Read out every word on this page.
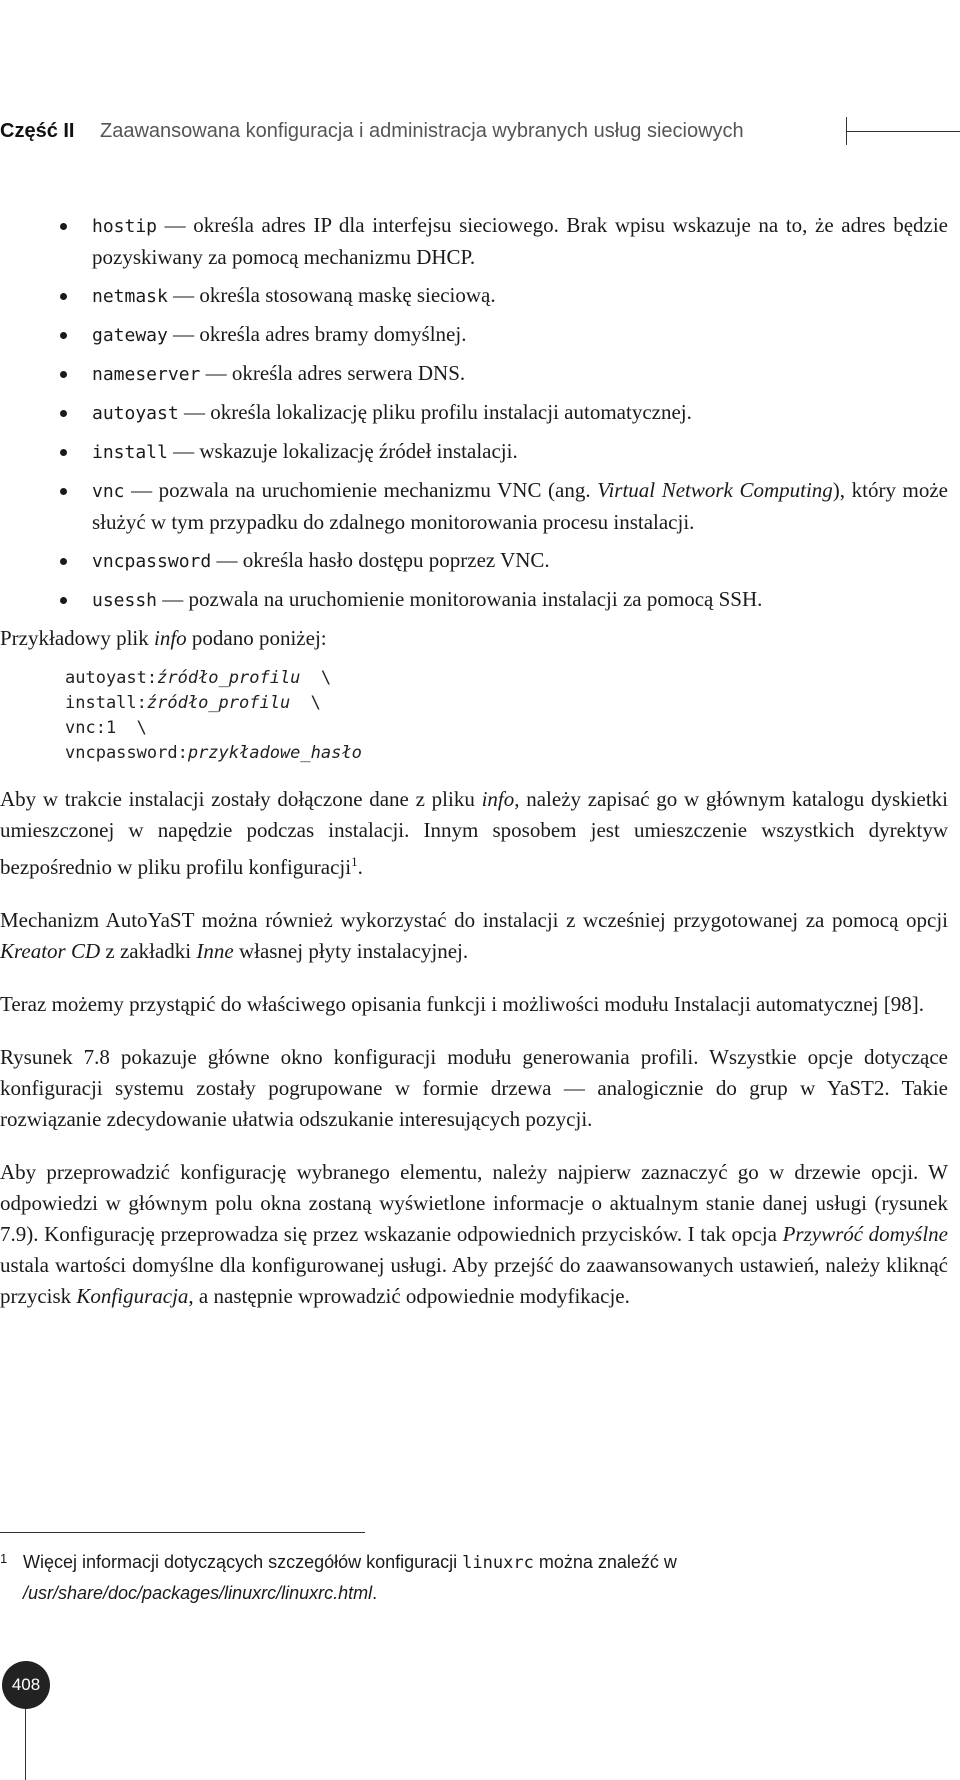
Część II Zaawansowana konfiguracja i administracja wybranych usług sieciowych
hostip — określa adres IP dla interfejsu sieciowego. Brak wpisu wskazuje na to, że adres będzie pozyskiwany za pomocą mechanizmu DHCP.
netmask — określa stosowaną maskę sieciową.
gateway — określa adres bramy domyślnej.
nameserver — określa adres serwera DNS.
autoyast — określa lokalizację pliku profilu instalacji automatycznej.
install — wskazuje lokalizację źródeł instalacji.
vnc — pozwala na uruchomienie mechanizmu VNC (ang. Virtual Network Computing), który może służyć w tym przypadku do zdalnego monitorowania procesu instalacji.
vncpassword — określa hasło dostępu poprzez VNC.
usessh — pozwala na uruchomienie monitorowania instalacji za pomocą SSH.
Przykładowy plik info podano poniżej:
autoyast:źródło_profilu  \
install:źródło_profilu  \
vnc:1  \
vncpassword:przykładowe_hasło

Aby w trakcie instalacji zostały dołączone dane z pliku info, należy zapisać go w głównym katalogu dyskietki umieszczonej w napędzie podczas instalacji. Innym sposobem jest umieszczenie wszystkich dyrektyw bezpośrednio w pliku profilu konfiguracji$^1$.

Mechanizm AutoYaST można również wykorzystać do instalacji z wcześniej przygotowanej za pomocą opcji Kreator CD z zakładki Inne własnej płyty instalacyjnej.

Teraz możemy przystąpić do właściwego opisania funkcji i możliwości modułu Instalacji automatycznej [98].

Rysunek 7.8 pokazuje główne okno konfiguracji modułu generowania profili. Wszystkie opcje dotyczące konfiguracji systemu zostały pogrupowane w formie drzewa — analogicznie do grup w YaST2. Takie rozwiązanie zdecydowanie ułatwia odszukanie interesujących pozycji.

Aby przeprowadzić konfigurację wybranego elementu, należy najpierw zaznaczyć go w drzewie opcji. W odpowiedzi w głównym polu okna zostaną wyświetlone informacje o aktualnym stanie danej usługi (rysunek 7.9). Konfigurację przeprowadza się przez wskazanie odpowiednich przycisków. I tak opcja Przywróć domyślne ustala wartości domyślne dla konfigurowanej usługi. Aby przejść do zaawansowanych ustawień, należy kliknąć przycisk Konfiguracja, a następnie wprowadzić odpowiednie modyfikacje.

1 Więcej informacji dotyczących szczegółów konfiguracji linuxrc można znaleźć w /usr/share/doc/packages/linuxrc/linuxrc.html.
408
